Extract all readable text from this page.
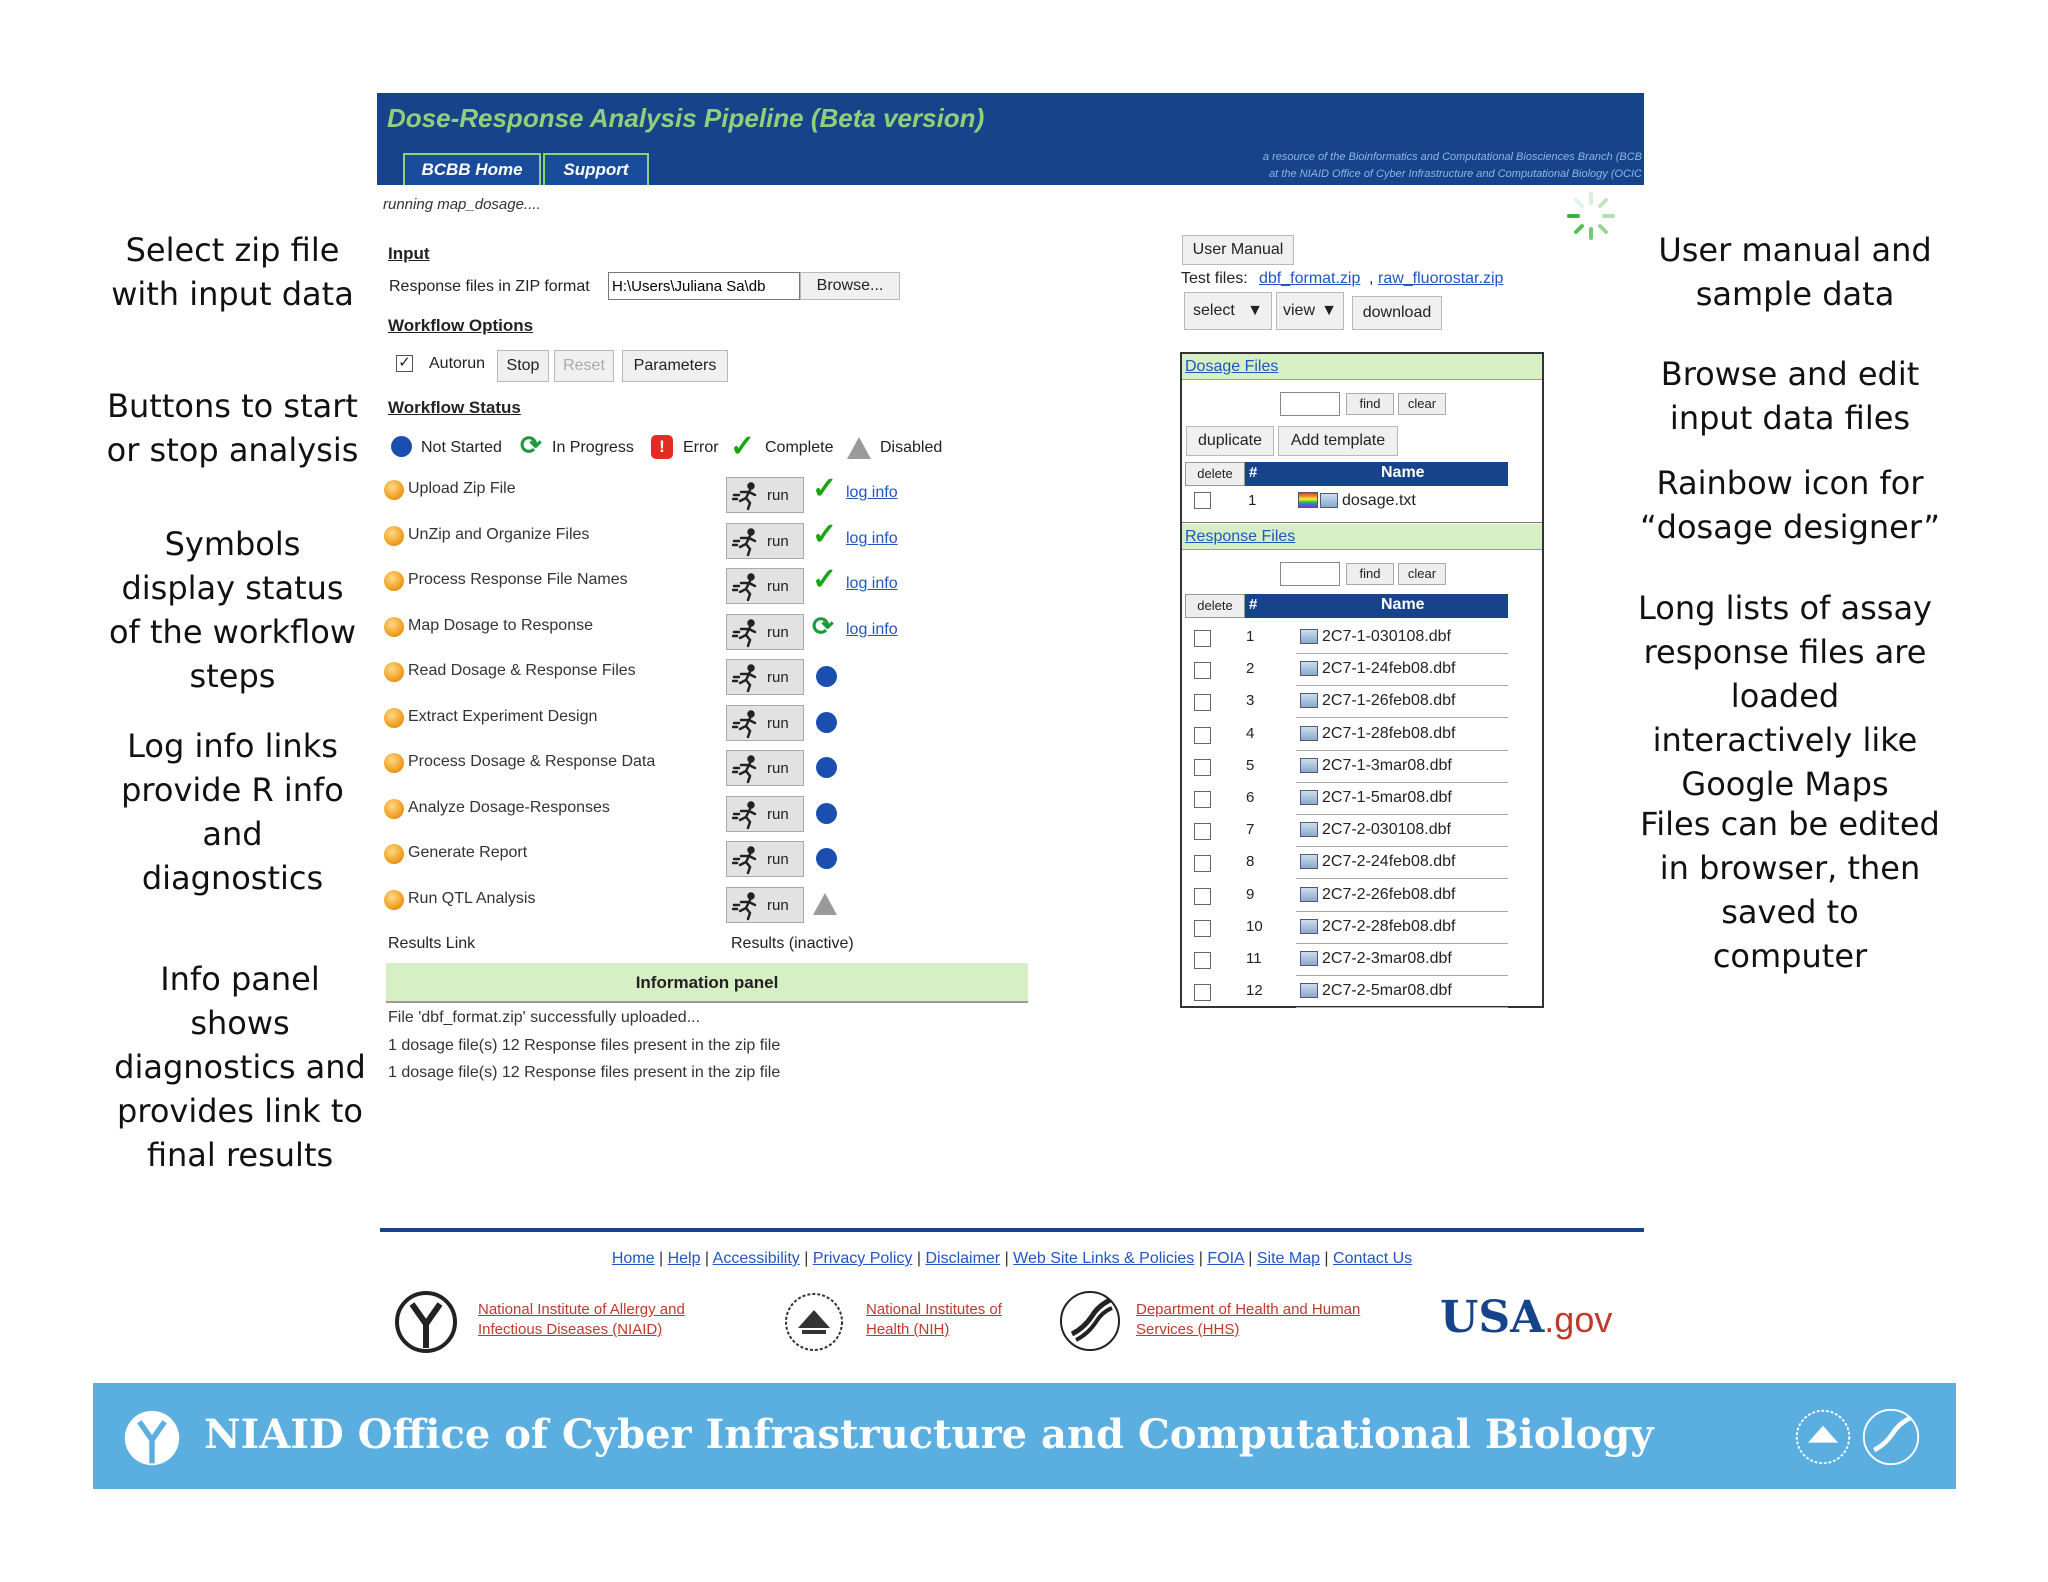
Select zip file with input data
Buttons to start or stop analysis
Symbols display status of the workflow steps
Log info links provide R info and diagnostics
Info panel shows diagnostics and provides link to final results
User manual and sample data
Browse and edit input data files
Rainbow icon for “dosage designer”
Long lists of assay response files are loaded interactively like Google Maps
Files can be edited in browser, then saved to computer
Dose-Response Analysis Pipeline (Beta version)
a resource of the Bioinformatics and Computational Biosciences Branch (BCB
at the NIAID Office of Cyber Infrastructure and Computational Biology (OCIC
BCBB Home	Support
running map_dosage....
Input
Response files in ZIP format
H:\Users\Juliana Sa\db	Browse...
Workflow Options
✓ Autorun	Stop	Reset	Parameters
Workflow Status
Not Started ⟳ In Progress	!	Error ✓ Complete	Disabled
Upload Zip File	run ✓ log info
UnZip and Organize Files	run ✓ log info
Process Response File Names	run ✓ log info
Map Dosage to Response	run ⟳ log info
Read Dosage & Response Files	run
Extract Experiment Design	run
Process Dosage & Response Data	run
Analyze Dosage-Responses	run
Generate Report	run
Run QTL Analysis	run
Results Link	Results (inactive)
Information panel
File 'dbf_format.zip' successfully uploaded...
1 dosage file(s) 12 Response files present in the zip file
1 dosage file(s) 12 Response files present in the zip file
User Manual
Test files: dbf_format.zip , raw_fluorostar.zip
select ▼	view ▼	download
Dosage Files
find	clear
duplicate	Add template
delete	#	Name
1	dosage.txt
Response Files
find	clear
delete	#	Name
1	2C7-1-030108.dbf
2	2C7-1-24feb08.dbf
3	2C7-1-26feb08.dbf
4	2C7-1-28feb08.dbf
5	2C7-1-3mar08.dbf
6	2C7-1-5mar08.dbf
7	2C7-2-030108.dbf
8	2C7-2-24feb08.dbf
9	2C7-2-26feb08.dbf
10	2C7-2-28feb08.dbf
11	2C7-2-3mar08.dbf
12	2C7-2-5mar08.dbf
Home | Help | Accessibility | Privacy Policy | Disclaimer | Web Site Links & Policies | FOIA | Site Map | Contact Us
National Institute of Allergy and
Infectious Diseases (NIAID)
National Institutes of
Health (NIH)
Department of Health and Human
Services (HHS)	USA.gov
NIAID Office of Cyber Infrastructure and Computational Biology
